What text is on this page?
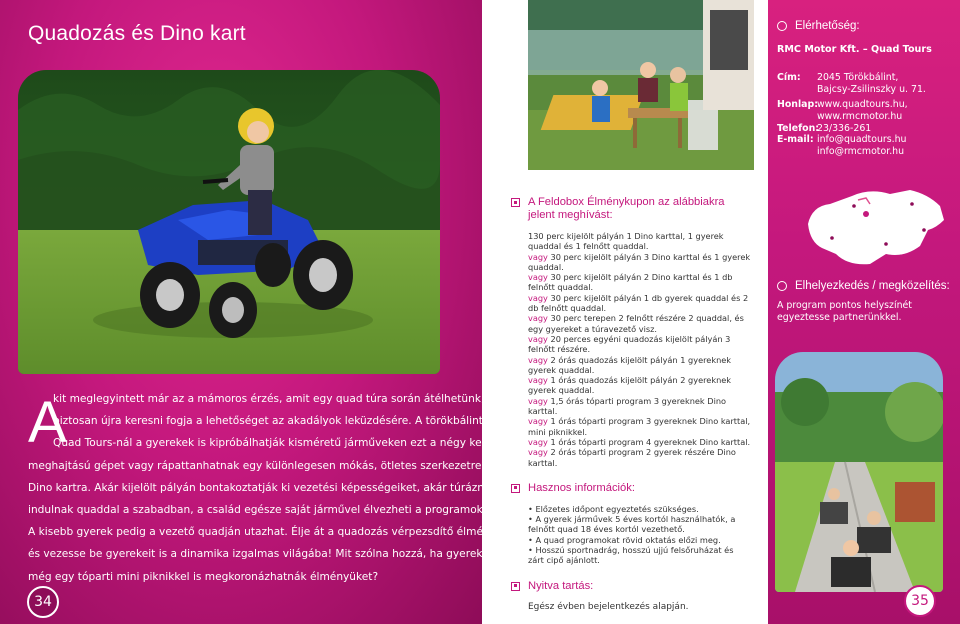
Quadozás és Dino kart
A
kit meglegyintett már az a mámoros érzés, amit egy quad túra során átélhetünk,
biztosan újra keresni fogja a lehetőséget az akadályok leküzdésére. A törökbálinti
Quad Tours-nál a gyerekek is kipróbálhatják kisméretű járműveken ezt a négy kerék
meghajtású gépet vagy rápattanhatnak egy különlegesen mókás, ötletes szerkezetre: a
Dino kartra. Akár kijelölt pályán bontakoztatják ki vezetési képességeiket, akár túrázni
indulnak quaddal a szabadban, a család egésze saját járművel élvezheti a programokat.
A kisebb gyerek pedig a vezető quadján utazhat. Élje át a quadozás vérpezsdítő élményét,
és vezesse be gyerekeit is a dinamika izgalmas világába! Mit szólna hozzá, ha gyerekei
még egy tóparti mini piknikkel is megkoronázhatnák élményüket?
34
A Feldobox Élménykupon az alábbiakra jelent meghívást:
130 perc kijelölt pályán 1 Dino karttal, 1 gyerek quaddal és 1 felnőtt quaddal.
vagy 30 perc kijelölt pályán 3 Dino karttal és 1 gyerek quaddal.
vagy 30 perc kijelölt pályán 2 Dino karttal és 1 db felnőtt quaddal.
vagy 30 perc kijelölt pályán 1 db gyerek quaddal és 2 db felnőtt quaddal.
vagy 30 perc terepen 2 felnőtt részére 2 quaddal, és egy gyereket a túravezető visz.
vagy 20 perces egyéni quadozás kijelölt pályán 3 felnőtt részére.
vagy 2 órás quadozás kijelölt pályán 1 gyereknek gyerek quaddal.
vagy 1 órás quadozás kijelölt pályán 2 gyereknek gyerek quaddal.
vagy 1,5 órás tóparti program 3 gyereknek Dino karttal.
vagy 1 órás tóparti program 3 gyereknek Dino karttal, mini piknikkel.
vagy 1 órás tóparti program 4 gyereknek Dino karttal.
vagy 2 órás tóparti program 2 gyerek részére Dino karttal.
Hasznos információk:
• Előzetes időpont egyeztetés szükséges.
• A gyerek járművek 5 éves kortól használhatók, a felnőtt quad 18 éves kortól vezethető.
• A quad programokat rövid oktatás előzi meg.
• Hosszú sportnadrág, hosszú ujjú felsőruházat és zárt cipő ajánlott.
Nyitva tartás:
Egész évben bejelentkezés alapján.
Elérhetőség:
RMC Motor Kft. – Quad Tours
Cím:	2045 Törökbálint,
Bajcsy-Zsilinszky u. 71.
Honlap: www.quadtours.hu,
www.rmcmotor.hu
Telefon:
23/336-261
E-mail: info@quadtours.hu
info@rmcmotor.hu
Elhelyezkedés / megközelítés:
A program pontos helyszínét
egyeztesse partnerünkkel.
35
